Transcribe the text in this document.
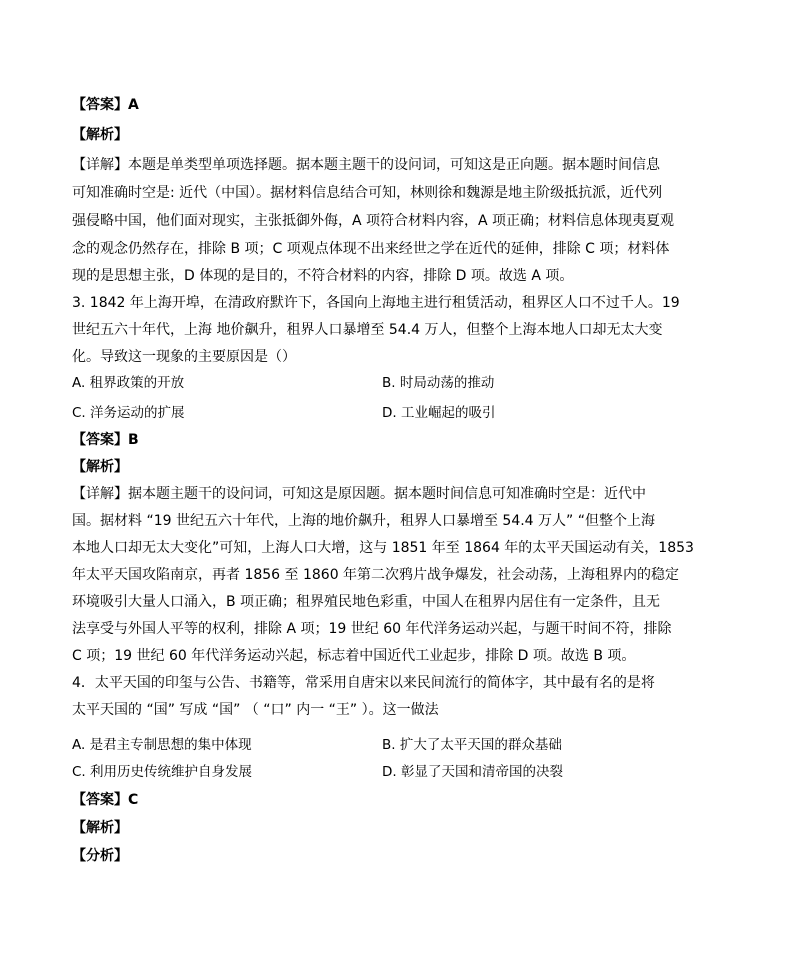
【答案】A
【解析】
【详解】本题是单类型单项选择题。据本题主题干的设问词，可知这是正向题。据本题时间信息
可知准确时空是: 近代（中国）。据材料信息结合可知，林则徐和魏源是地主阶级抵抗派，近代列
强侵略中国，他们面对现实，主张抵御外侮，A 项符合材料内容，A 项正确；材料信息体现夷夏观
念的观念仍然存在，排除 B 项；C 项观点体现不出来经世之学在近代的延伸，排除 C 项；材料体
现的是思想主张，D 体现的是目的，不符合材料的内容，排除 D 项。故选 A 项。
3. 1842 年上海开埠，在清政府默许下，各国向上海地主进行租赁活动，租界区人口不过千人。19
世纪五六十年代，上海 地价飙升，租界人口暴增至 54.4 万人，但整个上海本地人口却无太大变
化。导致这一现象的主要原因是（）
A. 租界政策的开放	B. 时局动荡的推动
C. 洋务运动的扩展	D. 工业崛起的吸引
【答案】B
【解析】
【详解】据本题主题干的设问词，可知这是原因题。据本题时间信息可知准确时空是：近代中
国。据材料 “19 世纪五六十年代，上海的地价飙升，租界人口暴增至 54.4 万人” “但整个上海
本地人口却无太大变化”可知，上海人口大增，这与 1851 年至 1864 年的太平天国运动有关，1853
年太平天国攻陷南京，再者 1856 至 1860 年第二次鸦片战争爆发，社会动荡，上海租界内的稳定
环境吸引大量人口涌入，B 项正确；租界殖民地色彩重，中国人在租界内居住有一定条件，且无
法享受与外国人平等的权利，排除 A 项；19 世纪 60 年代洋务运动兴起，与题干时间不符，排除
C 项；19 世纪 60 年代洋务运动兴起，标志着中国近代工业起步，排除 D 项。故选 B 项。
4．太平天国的印玺与公告、书籍等，常采用自唐宋以来民间流行的简体字，其中最有名的是将
太平天国的 “国” 写成 “国” （ “口” 内一 “王” ）。这一做法
A. 是君主专制思想的集中体现	B. 扩大了太平天国的群众基础
C. 利用历史传统维护自身发展	D. 彰显了天国和清帝国的决裂
【答案】C
【解析】
【分析】
